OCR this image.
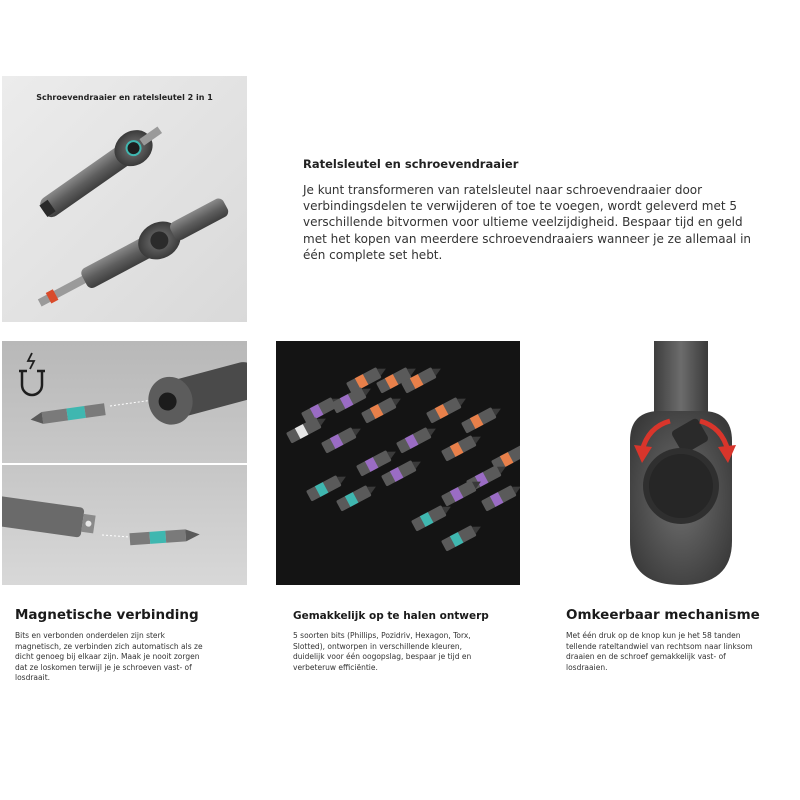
Schroevendraaier en ratelsleutel 2 in 1
Ratelsleutel en schroevendraaier
Je kunt transformeren van ratelsleutel naar schroevendraaier door verbindingsdelen te verwijderen of toe te voegen, wordt geleverd met 5 verschillende bitvormen voor ultieme veelzijdigheid. Bespaar tijd en geld met het kopen van meerdere schroevendraaiers wanneer je ze allemaal in één complete set hebt.
Magnetische verbinding
Bits en verbonden onderdelen zijn sterk magnetisch, ze verbinden zich automatisch als ze dicht genoeg bij elkaar zijn. Maak je nooit zorgen dat ze loskomen terwijl je je schroeven vast- of losdraait.
Gemakkelijk op te halen ontwerp
5 soorten bits (Phillips, Pozidriv, Hexagon, Torx, Slotted), ontworpen in verschillende kleuren, duidelijk voor één oogopslag, bespaar je tijd en verbeteruw efficiëntie.
Omkeerbaar mechanisme
Met één druk op de knop kun je het 58 tanden tellende rateltandwiel van rechtsom naar linksom draaien en de schroef gemakkelijk vast- of losdraaien.
